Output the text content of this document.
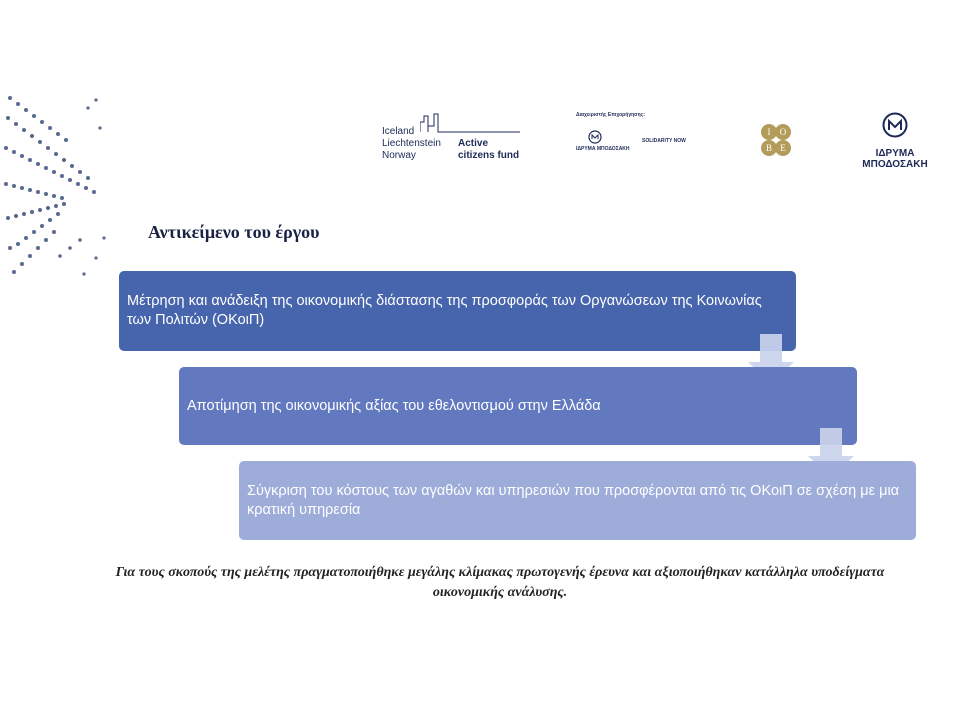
Iceland
Liechtenstein
Norway
Active
citizens fund
Διαχειριστής Επιχορήγησης:
ΙΔΡΥΜΑ ΜΠΟΔΟΣΑΚΗ
SOLIDARITY NOW
I O
B E	ΙΔΡΥΜΑ ΜΠΟΔΟΣΑΚΗ
Αντικείμενο του έργου
Μέτρηση και ανάδειξη της οικονομικής διάστασης της προσφοράς των Οργανώσεων της Κοινωνίας των Πολιτών (ΟΚοιΠ)
Αποτίμηση της οικονομικής αξίας του εθελοντισμού στην Ελλάδα
Σύγκριση του κόστους των αγαθών και υπηρεσιών που προσφέρονται από τις ΟΚοιΠ σε σχέση με μια κρατική υπηρεσία
Για τους σκοπούς της μελέτης πραγματοποιήθηκε μεγάλης κλίμακας πρωτογενής έρευνα και αξιοποιήθηκαν κατάλληλα υποδείγματα οικονομικής ανάλυσης.
